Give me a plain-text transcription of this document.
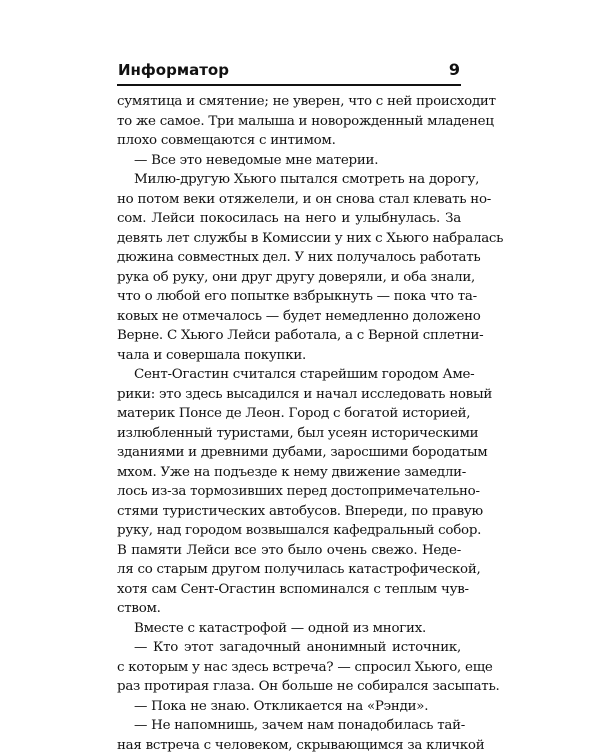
Информатор	9
сумятица и смятение; не уверен, что с ней происходит
то же самое. Три малыша и новорожденный младенец
плохо совмещаются с интимом.
— Все это неведомые мне материи.
Милю-другую Хьюго пытался смотреть на дорогу,
но потом веки отяжелели, и он снова стал клевать но-
сом. Лейси покосилась на него и улыбнулась. За
девять лет службы в Комиссии у них с Хьюго набралась
дюжина совместных дел. У них получалось работать
рука об руку, они друг другу доверяли, и оба знали,
что о любой его попытке взбрыкнуть — пока что та-
ковых не отмечалось — будет немедленно доложено
Верне. С Хьюго Лейси работала, а с Верной сплетни-
чала и совершала покупки.
Сент-Огастин считался старейшим городом Аме-
рики: это здесь высадился и начал исследовать новый
материк Понсе де Леон. Город с богатой историей,
излюбленный туристами, был усеян историческими
зданиями и древними дубами, заросшими бородатым
мхом. Уже на подъезде к нему движение замедли-
лось из-за тормозивших перед достопримечательно-
стями туристических автобусов. Впереди, по правую
руку, над городом возвышался кафедральный собор.
В памяти Лейси все это было очень свежо. Неде-
ля со старым другом получилась катастрофической,
хотя сам Сент-Огастин вспоминался с теплым чув-
ством.
Вместе с катастрофой — одной из многих.
— Кто этот загадочный анонимный источник,
с которым у нас здесь встреча? — спросил Хьюго, еще
раз протирая глаза. Он больше не собирался засыпать.
— Пока не знаю. Откликается на «Рэнди».
— Не напомнишь, зачем нам понадобилась тай-
ная встреча с человеком, скрывающимся за кличкой
